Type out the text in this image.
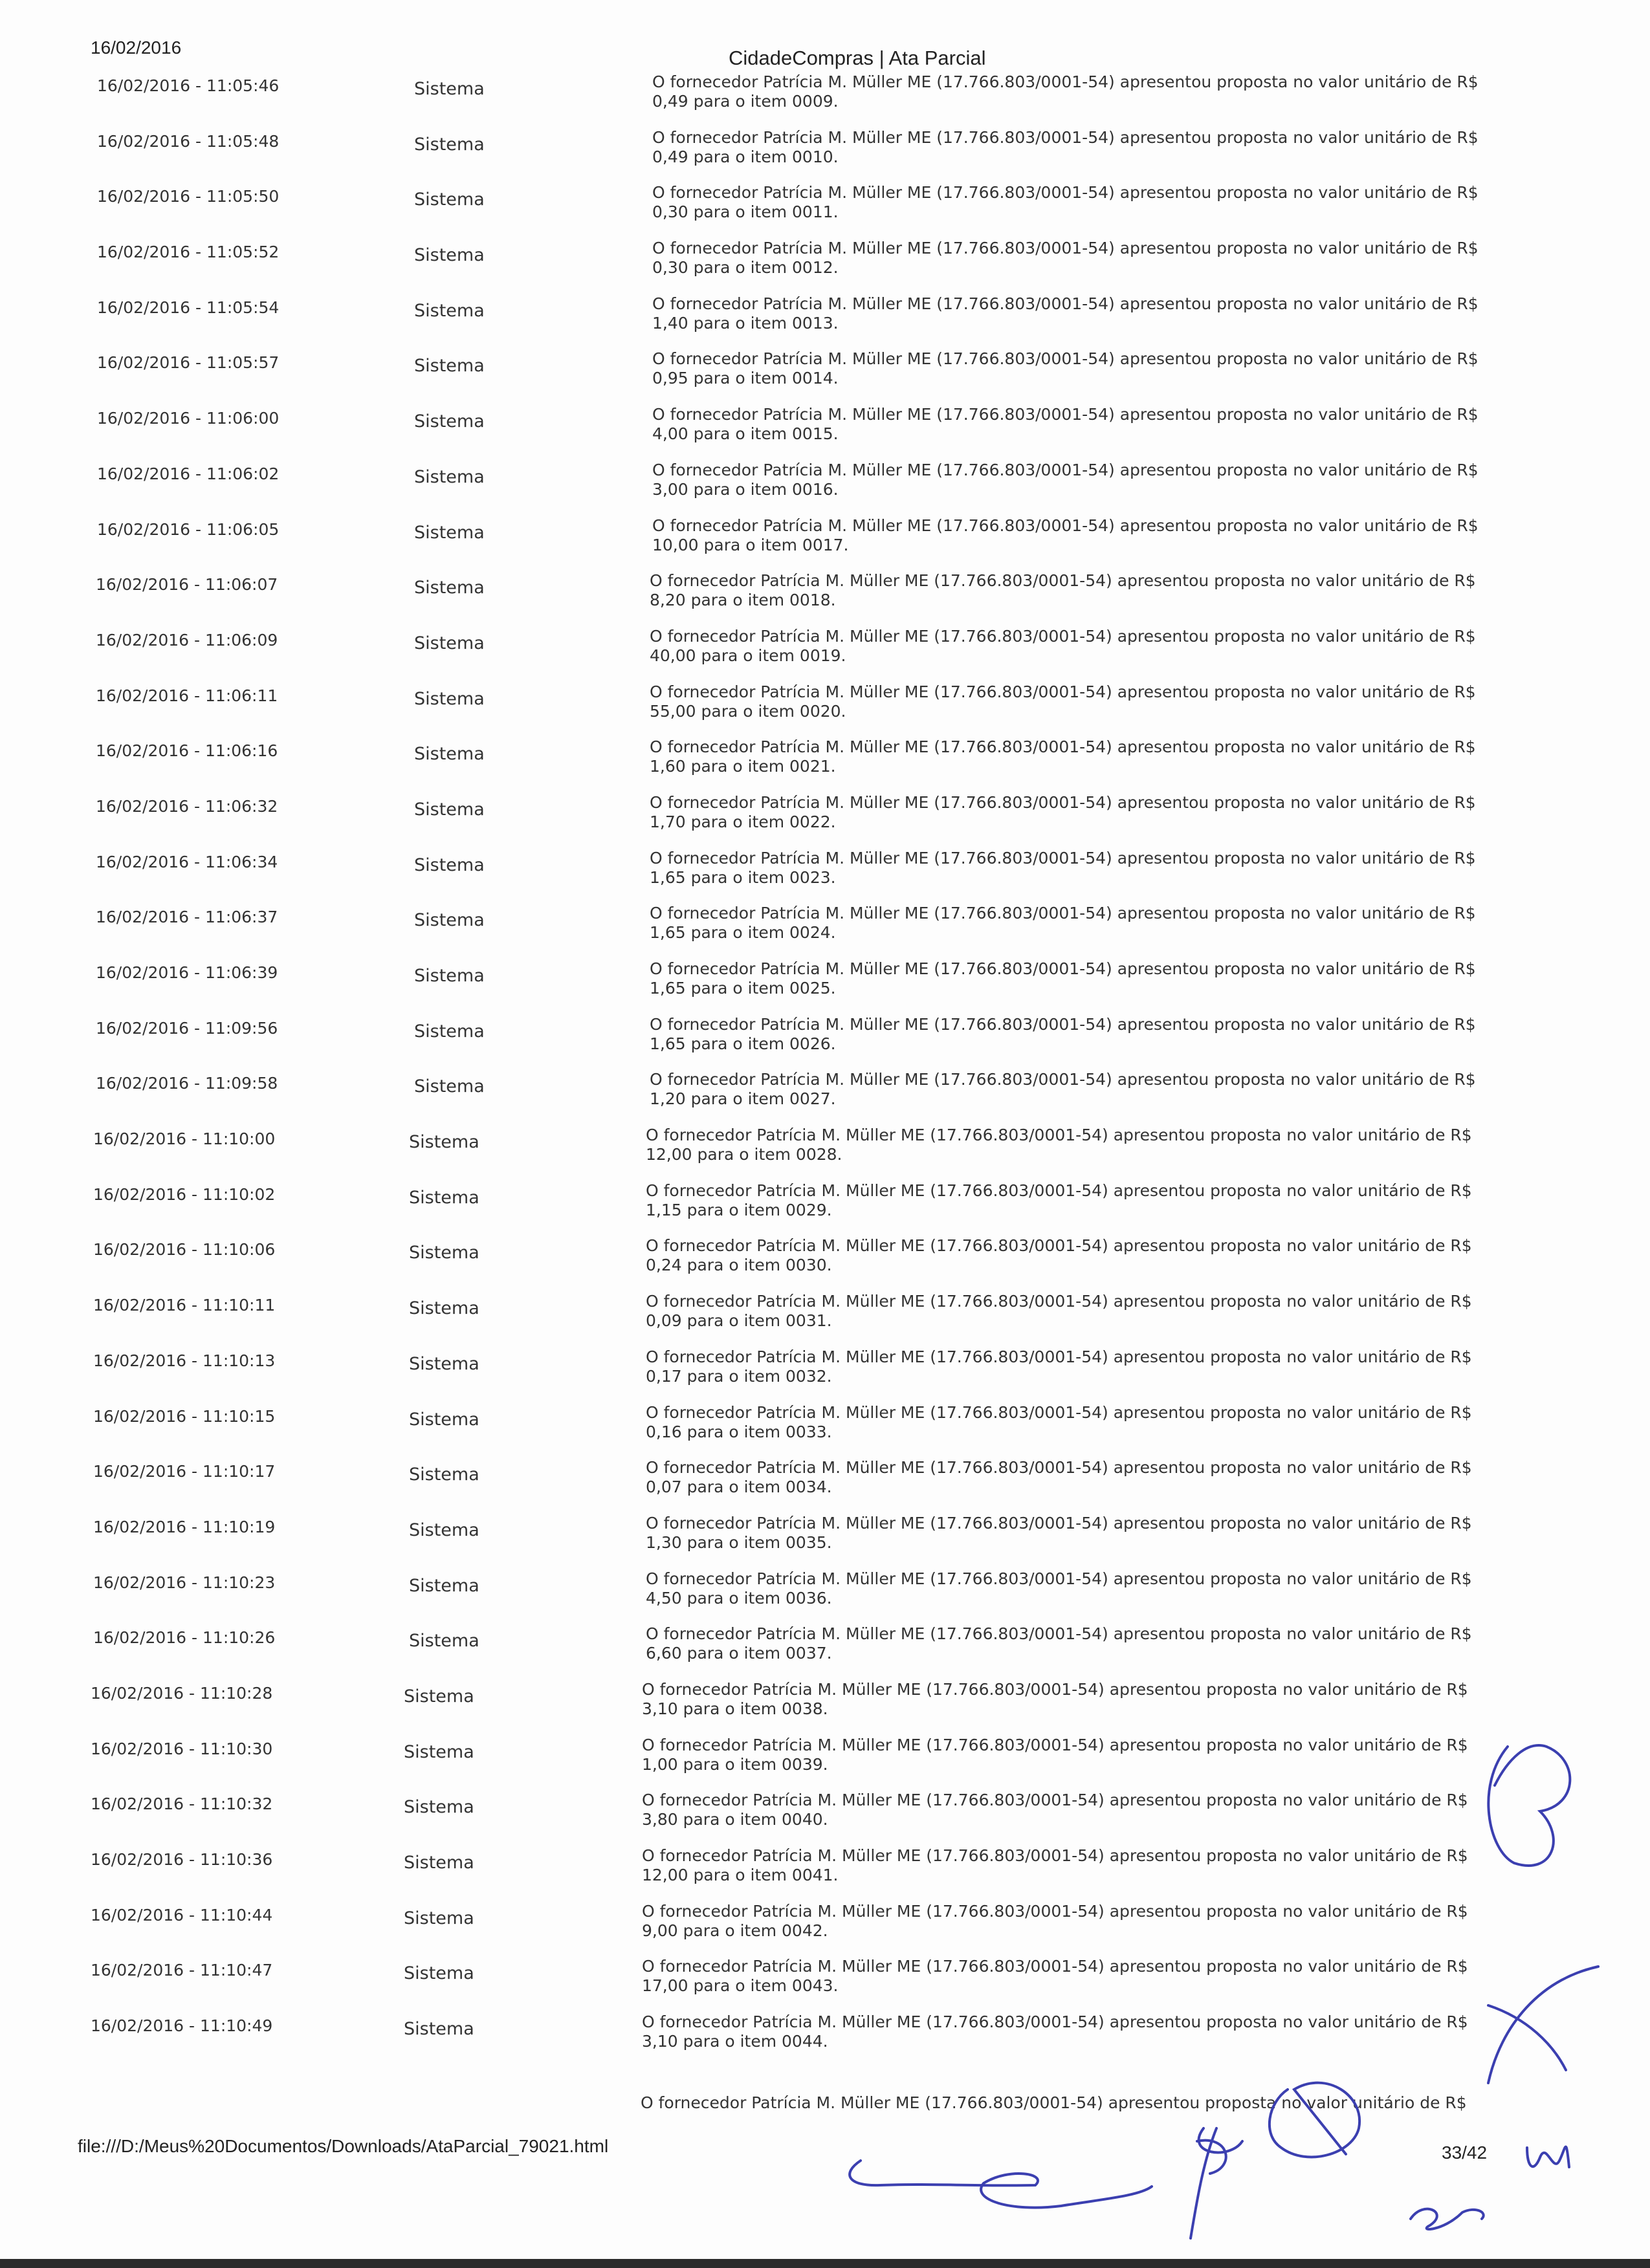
16/02/2016	CidadeCompras | Ata Parcial
16/02/2016 - 11:05:46	Sistema	O fornecedor Patrícia M. Müller ME (17.766.803/0001-54) apresentou proposta no valor unitário de R$ 0,49 para o item 0009.
16/02/2016 - 11:05:48	Sistema	O fornecedor Patrícia M. Müller ME (17.766.803/0001-54) apresentou proposta no valor unitário de R$ 0,49 para o item 0010.
16/02/2016 - 11:05:50	Sistema	O fornecedor Patrícia M. Müller ME (17.766.803/0001-54) apresentou proposta no valor unitário de R$ 0,30 para o item 0011.
16/02/2016 - 11:05:52	Sistema	O fornecedor Patrícia M. Müller ME (17.766.803/0001-54) apresentou proposta no valor unitário de R$ 0,30 para o item 0012.
16/02/2016 - 11:05:54	Sistema	O fornecedor Patrícia M. Müller ME (17.766.803/0001-54) apresentou proposta no valor unitário de R$ 1,40 para o item 0013.
16/02/2016 - 11:05:57	Sistema	O fornecedor Patrícia M. Müller ME (17.766.803/0001-54) apresentou proposta no valor unitário de R$ 0,95 para o item 0014.
16/02/2016 - 11:06:00	Sistema	O fornecedor Patrícia M. Müller ME (17.766.803/0001-54) apresentou proposta no valor unitário de R$ 4,00 para o item 0015.
16/02/2016 - 11:06:02	Sistema	O fornecedor Patrícia M. Müller ME (17.766.803/0001-54) apresentou proposta no valor unitário de R$ 3,00 para o item 0016.
16/02/2016 - 11:06:05	Sistema	O fornecedor Patrícia M. Müller ME (17.766.803/0001-54) apresentou proposta no valor unitário de R$ 10,00 para o item 0017.
16/02/2016 - 11:06:07	Sistema	O fornecedor Patrícia M. Müller ME (17.766.803/0001-54) apresentou proposta no valor unitário de R$ 8,20 para o item 0018.
16/02/2016 - 11:06:09	Sistema	O fornecedor Patrícia M. Müller ME (17.766.803/0001-54) apresentou proposta no valor unitário de R$ 40,00 para o item 0019.
16/02/2016 - 11:06:11	Sistema	O fornecedor Patrícia M. Müller ME (17.766.803/0001-54) apresentou proposta no valor unitário de R$ 55,00 para o item 0020.
16/02/2016 - 11:06:16	Sistema	O fornecedor Patrícia M. Müller ME (17.766.803/0001-54) apresentou proposta no valor unitário de R$ 1,60 para o item 0021.
16/02/2016 - 11:06:32	Sistema	O fornecedor Patrícia M. Müller ME (17.766.803/0001-54) apresentou proposta no valor unitário de R$ 1,70 para o item 0022.
16/02/2016 - 11:06:34	Sistema	O fornecedor Patrícia M. Müller ME (17.766.803/0001-54) apresentou proposta no valor unitário de R$ 1,65 para o item 0023.
16/02/2016 - 11:06:37	Sistema	O fornecedor Patrícia M. Müller ME (17.766.803/0001-54) apresentou proposta no valor unitário de R$ 1,65 para o item 0024.
16/02/2016 - 11:06:39	Sistema	O fornecedor Patrícia M. Müller ME (17.766.803/0001-54) apresentou proposta no valor unitário de R$ 1,65 para o item 0025.
16/02/2016 - 11:09:56	Sistema	O fornecedor Patrícia M. Müller ME (17.766.803/0001-54) apresentou proposta no valor unitário de R$ 1,65 para o item 0026.
16/02/2016 - 11:09:58	Sistema	O fornecedor Patrícia M. Müller ME (17.766.803/0001-54) apresentou proposta no valor unitário de R$ 1,20 para o item 0027.
16/02/2016 - 11:10:00	Sistema	O fornecedor Patrícia M. Müller ME (17.766.803/0001-54) apresentou proposta no valor unitário de R$ 12,00 para o item 0028.
16/02/2016 - 11:10:02	Sistema	O fornecedor Patrícia M. Müller ME (17.766.803/0001-54) apresentou proposta no valor unitário de R$ 1,15 para o item 0029.
16/02/2016 - 11:10:06	Sistema	O fornecedor Patrícia M. Müller ME (17.766.803/0001-54) apresentou proposta no valor unitário de R$ 0,24 para o item 0030.
16/02/2016 - 11:10:11	Sistema	O fornecedor Patrícia M. Müller ME (17.766.803/0001-54) apresentou proposta no valor unitário de R$ 0,09 para o item 0031.
16/02/2016 - 11:10:13	Sistema	O fornecedor Patrícia M. Müller ME (17.766.803/0001-54) apresentou proposta no valor unitário de R$ 0,17 para o item 0032.
16/02/2016 - 11:10:15	Sistema	O fornecedor Patrícia M. Müller ME (17.766.803/0001-54) apresentou proposta no valor unitário de R$ 0,16 para o item 0033.
16/02/2016 - 11:10:17	Sistema	O fornecedor Patrícia M. Müller ME (17.766.803/0001-54) apresentou proposta no valor unitário de R$ 0,07 para o item 0034.
16/02/2016 - 11:10:19	Sistema	O fornecedor Patrícia M. Müller ME (17.766.803/0001-54) apresentou proposta no valor unitário de R$ 1,30 para o item 0035.
16/02/2016 - 11:10:23	Sistema	O fornecedor Patrícia M. Müller ME (17.766.803/0001-54) apresentou proposta no valor unitário de R$ 4,50 para o item 0036.
16/02/2016 - 11:10:26	Sistema	O fornecedor Patrícia M. Müller ME (17.766.803/0001-54) apresentou proposta no valor unitário de R$ 6,60 para o item 0037.
16/02/2016 - 11:10:28	Sistema	O fornecedor Patrícia M. Müller ME (17.766.803/0001-54) apresentou proposta no valor unitário de R$ 3,10 para o item 0038.
16/02/2016 - 11:10:30	Sistema	O fornecedor Patrícia M. Müller ME (17.766.803/0001-54) apresentou proposta no valor unitário de R$ 1,00 para o item 0039.
16/02/2016 - 11:10:32	Sistema	O fornecedor Patrícia M. Müller ME (17.766.803/0001-54) apresentou proposta no valor unitário de R$ 3,80 para o item 0040.
16/02/2016 - 11:10:36	Sistema	O fornecedor Patrícia M. Müller ME (17.766.803/0001-54) apresentou proposta no valor unitário de R$ 12,00 para o item 0041.
16/02/2016 - 11:10:44	Sistema	O fornecedor Patrícia M. Müller ME (17.766.803/0001-54) apresentou proposta no valor unitário de R$ 9,00 para o item 0042.
16/02/2016 - 11:10:47	Sistema	O fornecedor Patrícia M. Müller ME (17.766.803/0001-54) apresentou proposta no valor unitário de R$ 17,00 para o item 0043.
16/02/2016 - 11:10:49	Sistema	O fornecedor Patrícia M. Müller ME (17.766.803/0001-54) apresentou proposta no valor unitário de R$ 3,10 para o item 0044.
O fornecedor Patrícia M. Müller ME (17.766.803/0001-54) apresentou proposta no valor unitário de R$
file:///D:/Meus%20Documentos/Downloads/AtaParcial_79021.html	33/42
